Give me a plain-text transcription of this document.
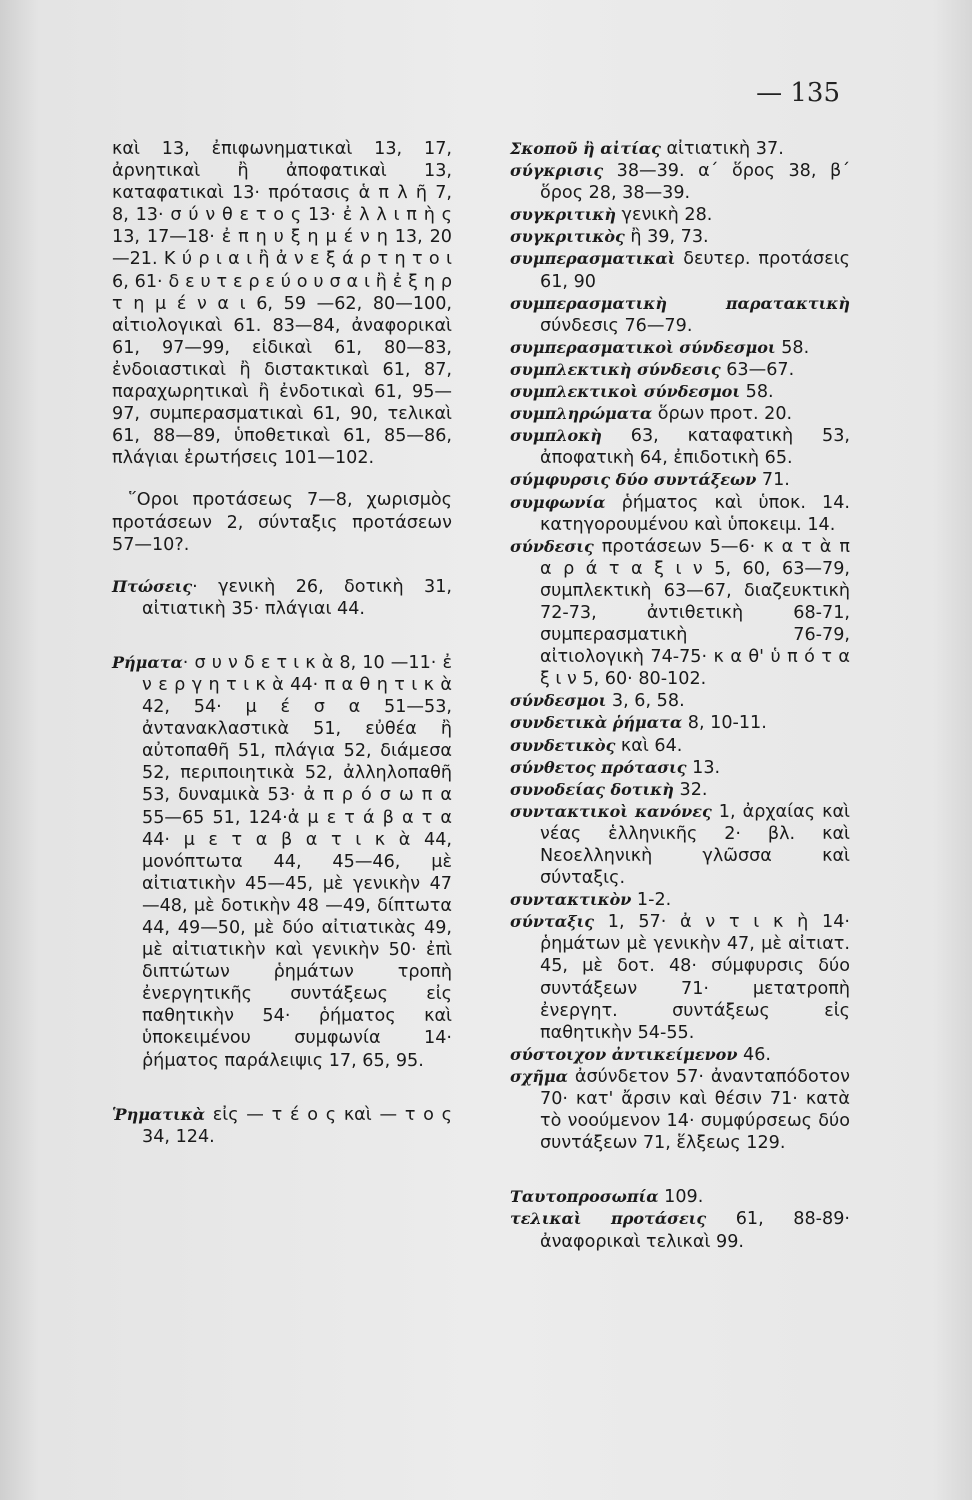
— 135

καὶ 13, ἐπιφωνηματικαὶ 13, 17, ἀρνητικαὶ ἢ ἀποφατικαὶ 13, καταφατικαὶ 13· πρότασις ἁ π λ ῆ 7, 8, 13· σ ύ ν θ ε τ ο ς 13· ἐ λ λ ι π ὴ ς 13, 17—18· ἐ π η υ ξ η μ έ ν η 13, 20—21. Κ ύ ρ ι α ι ἢ ἀ ν ε ξ ά ρ τ η τ ο ι 6, 61· δ ε υ τ ε ρ ε ύ ο υ σ α ι ἢ ἐ ξ η ρ τ η μ έ ν α ι 6, 59 —62, 80—100, αἰτιολογικαὶ 61. 83—84, ἀναφορικαὶ 61, 97—99, εἰδικαὶ 61, 80—83, ἐνδοιαστικαὶ ἢ διστακτικαὶ 61, 87, παραχωρητικαὶ ἢ ἐνδοτικαὶ 61, 95—97, συμπερασματικαὶ 61, 90, τελικαὶ 61, 88—89, ὑποθετικαὶ 61, 85—86, πλάγιαι ἐρωτήσεις 101—102.

῞Οροι προτάσεως 7—8, χωρισμὸς προτάσεων 2, σύνταξις προτάσεων 57—10?.

Πτώσεις· γενικὴ 26, δοτικὴ 31, αἰτιατικὴ 35· πλάγιαι 44.

Ρήματα· σ υ ν δ ε τ ι κ ὰ 8, 10 —11· ἐ ν ε ρ γ η τ ι κ ὰ 44· π α θ η τ ι κ ὰ 42, 54· μ έ σ α 51—53, ἀντανακλαστικὰ 51, εὐθέα ἢ αὐτοπαθῆ 51, πλάγια 52, διάμεσα 52, περιποιητικὰ 52, ἀλληλοπαθῆ 53, δυναμικὰ 53· ἀ π ρ ό σ ω π α 55—65 51, 124·ἀ μ ε τ ά β α τ α 44· μ ε τ α β α τ ι κ ὰ 44, μονόπτωτα 44, 45—46, μὲ αἰτιατικὴν 45—45, μὲ γενικὴν 47—48, μὲ δοτικὴν 48 —49, δίπτωτα 44, 49—50, μὲ δύο αἰτιατικὰς 49, μὲ αἰτιατικὴν καὶ γενικὴν 50· ἐπὶ διπτώτων ῥημάτων τροπὴ ἐνεργητικῆς συντάξεως εἰς παθητικὴν 54· ῥήματος καὶ ὑποκειμένου συμφωνία 14· ῥήματος παράλειψις 17, 65, 95.

Ῥηματικὰ εἰς — τ έ ο ς καὶ — τ ο ς 34, 124.

Σκοποῦ ἢ αἰτίας αἰτιατικὴ 37.

σύγκρισις 38—39. α΄ ὅρος 38, β΄ ὅρος 28, 38—39.

συγκριτικὴ γενικὴ 28.

συγκριτικὸς ἢ 39, 73.

συμπερασματικαὶ δευτερ. προτάσεις 61, 90

συμπερασματικὴ παρατακτικὴ σύνδεσις 76—79.

συμπερασματικοὶ σύνδεσμοι 58.

συμπλεκτικὴ σύνδεσις 63—67.

συμπλεκτικοὶ σύνδεσμοι 58.

συμπληρώματα ὅρων προτ. 20.

συμπλοκὴ 63, καταφατικὴ 53, ἀποφατικὴ 64, ἐπιδοτικὴ 65.

σύμφυρσις δύο συντάξεων 71.

συμφωνία ῥήματος καὶ ὑποκ. 14. κατηγορουμένου καὶ ὑποκειμ. 14.

σύνδεσις προτάσεων 5—6· κ α τ ὰ π α ρ ά τ α ξ ι ν 5, 60, 63—79, συμπλεκτικὴ 63—67, διαζευκτικὴ 72-73, ἀντιθετικὴ 68-71, συμπερασματικὴ 76-79, αἰτιολογικὴ 74-75· κ α θ' ὑ π ό τ α ξ ι ν 5, 60· 80-102.

σύνδεσμοι 3, 6, 58.

συνδετικὰ ῥήματα 8, 10-11.

συνδετικὸς καὶ 64.

σύνθετος πρότασις 13.

συνοδείας δοτικὴ 32.

συντακτικοὶ κανόνες 1, ἀρχαίας καὶ νέας ἑλληνικῆς 2· βλ. καὶ Νεοελληνικὴ γλῶσσα καὶ σύνταξις.

συντακτικὸν 1-2.

σύνταξις 1, 57· ἀ ν τ ι κ ὴ 14· ῥημάτων μὲ γενικὴν 47, μὲ αἰτιατ. 45, μὲ δοτ. 48· σύμφυρσις δύο συντάξεων 71· μετατροπὴ ἐνεργητ. συντάξεως εἰς παθητικὴν 54-55.

σύστοιχον ἀντικείμενον 46.

σχῆμα ἀσύνδετον 57· ἀνανταπόδοτον 70· κατ' ἄρσιν καὶ θέσιν 71· κατὰ τὸ νοούμενον 14· συμφύρσεως δύο συντάξεων 71, ἕλξεως 129.

Ταυτοπροσωπία 109.

τελικαὶ προτάσεις 61, 88-89· ἀναφορικαὶ τελικαὶ 99.
